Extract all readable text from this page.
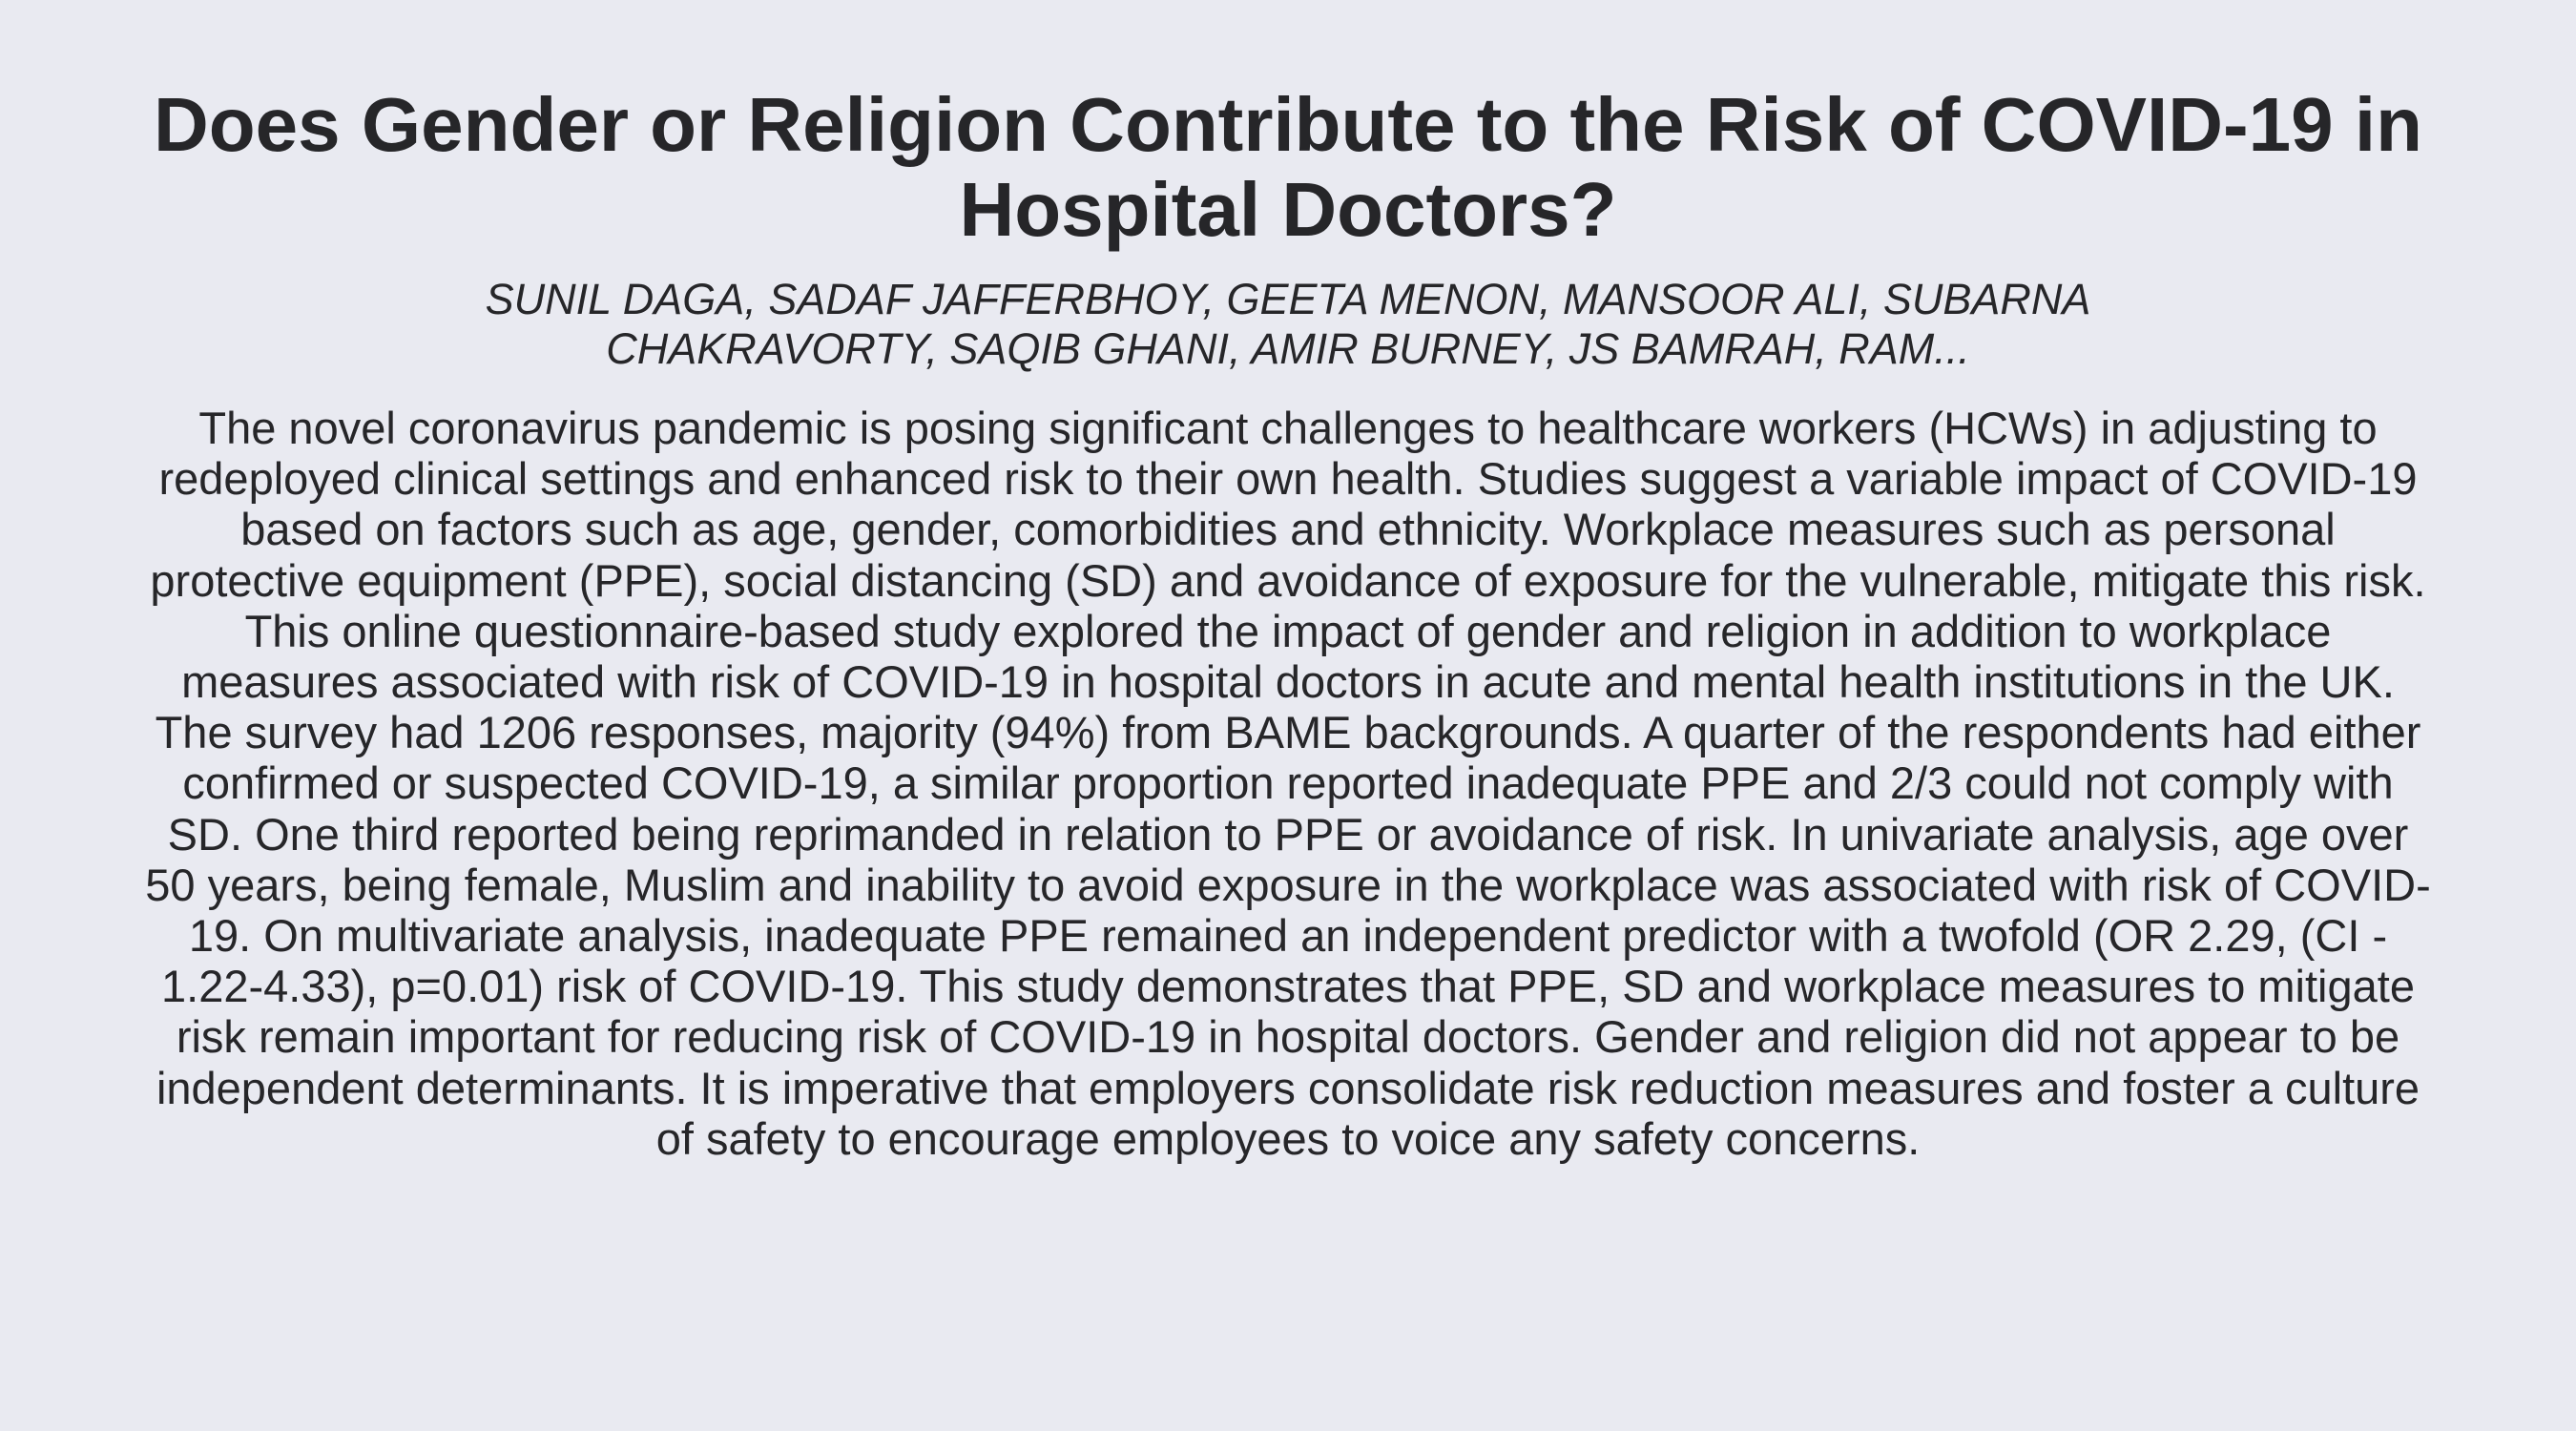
Does Gender or Religion Contribute to the Risk of COVID-19 in Hospital Doctors?
SUNIL DAGA, SADAF JAFFERBHOY, GEETA MENON, MANSOOR ALI, SUBARNA CHAKRAVORTY, SAQIB GHANI, AMIR BURNEY, JS BAMRAH, RAM...
The novel coronavirus pandemic is posing significant challenges to healthcare workers (HCWs) in adjusting to redeployed clinical settings and enhanced risk to their own health. Studies suggest a variable impact of COVID-19 based on factors such as age, gender, comorbidities and ethnicity. Workplace measures such as personal protective equipment (PPE), social distancing (SD) and avoidance of exposure for the vulnerable, mitigate this risk. This online questionnaire-based study explored the impact of gender and religion in addition to workplace measures associated with risk of COVID-19 in hospital doctors in acute and mental health institutions in the UK. The survey had 1206 responses, majority (94%) from BAME backgrounds. A quarter of the respondents had either confirmed or suspected COVID-19, a similar proportion reported inadequate PPE and 2/3 could not comply with SD. One third reported being reprimanded in relation to PPE or avoidance of risk. In univariate analysis, age over 50 years, being female, Muslim and inability to avoid exposure in the workplace was associated with risk of COVID-19. On multivariate analysis, inadequate PPE remained an independent predictor with a twofold (OR 2.29, (CI - 1.22-4.33), p=0.01) risk of COVID-19. This study demonstrates that PPE, SD and workplace measures to mitigate risk remain important for reducing risk of COVID-19 in hospital doctors. Gender and religion did not appear to be independent determinants. It is imperative that employers consolidate risk reduction measures and foster a culture of safety to encourage employees to voice any safety concerns.
